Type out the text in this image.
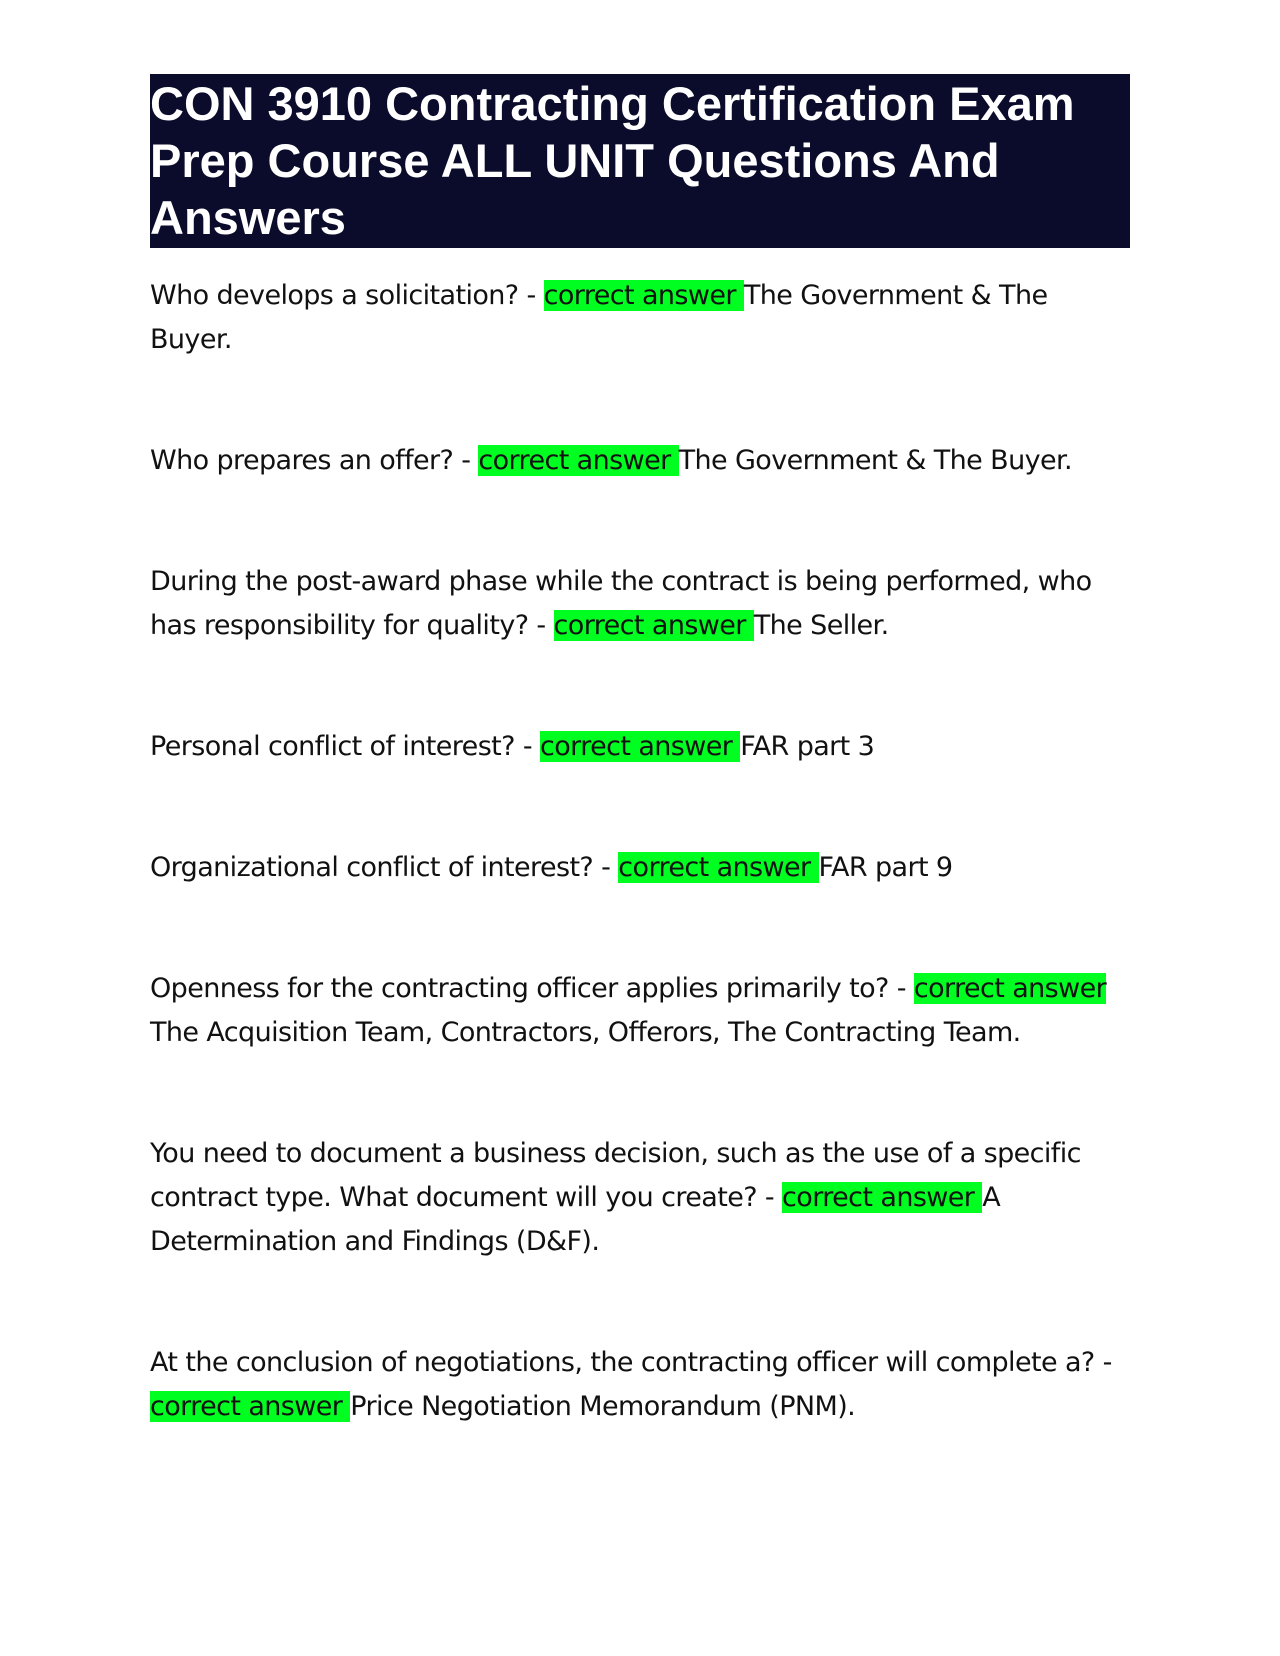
CON 3910 Contracting Certification Exam Prep Course ALL UNIT Questions And Answers

Who develops a solicitation? - correct answer The Government & The Buyer.

Who prepares an offer? - correct answer The Government & The Buyer.

During the post-award phase while the contract is being performed, who has responsibility for quality? - correct answer The Seller.

Personal conflict of interest? - correct answer FAR part 3

Organizational conflict of interest? - correct answer FAR part 9

Openness for the contracting officer applies primarily to? - correct answer The Acquisition Team, Contractors, Offerors, The Contracting Team.

You need to document a business decision, such as the use of a specific contract type. What document will you create? - correct answer A Determination and Findings (D&F).

At the conclusion of negotiations, the contracting officer will complete a? - correct answer Price Negotiation Memorandum (PNM).
